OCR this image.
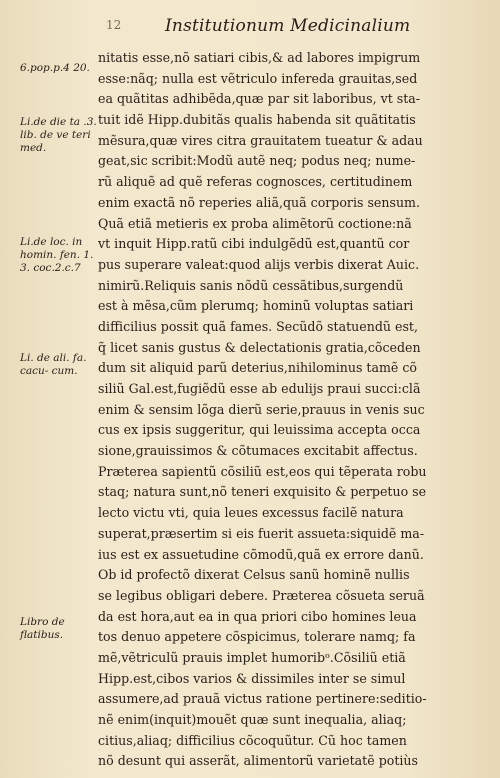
12	Institutionum Medicinalium
6.pop.p.4 20.
Li.de die ta .3. lib. de ve teri med.
Li.de loc. in homin. fen. 1. 3. coc.2.c.7
Li. de ali. fa. cacu- cum.
Libro de flatibus.
nitatis esse,nõ satiari cibis,& ad labores impigrum
esse:nãq; nulla est vẽtriculo infereda grauitas,sed
ea quãtitas adhibẽda,quæ par sit laboribus, vt sta-
tuit idẽ Hipp.dubitãs qualis habenda sit quãtitatis
mẽsura,quæ vires citra grauitatem tueatur & adau
geat,sic scribit:Modũ autẽ neq; podus neq; nume-
rũ aliquẽ ad quẽ referas cognosces, certitudinem
enim exactã nõ reperies aliã,quã corporis sensum.
Quã etiã metieris ex proba alimẽtorũ coctione:nã
vt inquit Hipp.ratũ cibi indulgẽdũ est,quantũ cor
pus superare valeat:quod alijs verbis dixerat Auic.
nimirũ.Reliquis sanis nõdũ cessãtibus,surgendũ
est à mẽsa,cũm plerumq; hominũ voluptas satiari
difficilius possit quã fames. Secũdõ statuendũ est,
q̃ licet sanis gustus & delectationis gratia,cõceden
dum sit aliquid parũ deterius,nihilominus tamẽ cõ
siliũ Gal.est,fugiẽdũ esse ab edulijs praui succi:clã
enim & sensim lõga dierũ serie,prauus in venis suc
cus ex ipsis suggeritur, qui leuissima accepta occa
sione,grauissimos & cõtumaces excitabit affectus.
Præterea sapientũ cõsiliũ est,eos qui tẽperata robu
staq; natura sunt,nõ teneri exquisito & perpetuo se
lecto victu vti, quia leues excessus facilẽ natura
superat,præsertim si eis fuerit assueta:siquidẽ ma-
ius est ex assuetudine cõmodũ,quã ex errore danũ.
Ob id profectõ dixerat Celsus sanũ hominẽ nullis
se legibus obligari debere. Præterea cõsueta seruã
da est hora,aut ea in qua priori cibo homines leua
tos denuo appetere cõspicimus, tolerare namq; fa
mẽ,vẽtriculũ prauis implet humoribᵒ.Cõsiliũ etiã
Hipp.est,cibos varios & dissimiles inter se simul
assumere,ad prauã victus ratione pertinere:seditio-
nẽ enim(inquit)mouẽt quæ sunt inequalia, aliaq;
citius,aliaq; difficilius cõcoquũtur. Cũ hoc tamen
nõ desunt qui asserãt, alimentorũ varietatẽ potiùs
